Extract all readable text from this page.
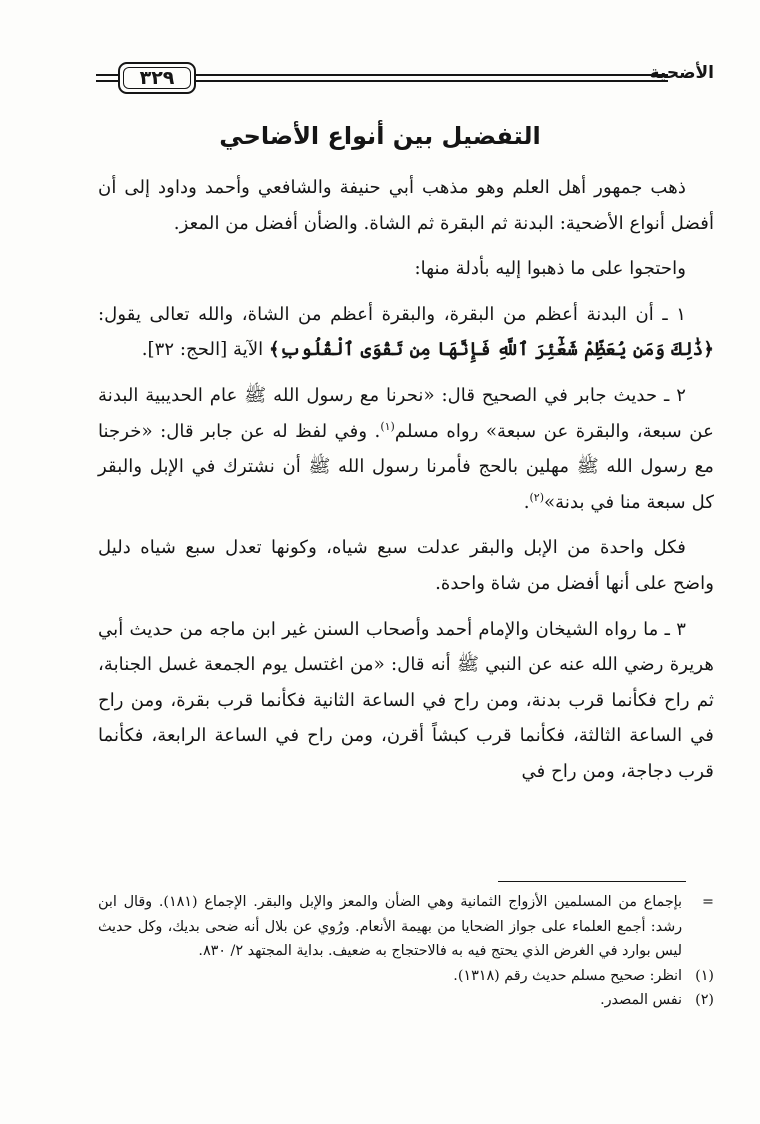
الأضحية
٣٢٩
التفضيل بين أنواع الأضاحي

ذهب جمهور أهل العلم وهو مذهب أبي حنيفة والشافعي وأحمد وداود إلى أن أفضل أنواع الأضحية: البدنة ثم البقرة ثم الشاة. والضأن أفضل من المعز.

واحتجوا على ما ذهبوا إليه بأدلة منها:

١ ـ أن البدنة أعظم من البقرة، والبقرة أعظم من الشاة، والله تعالى يقول: ﴿ذَٰلِكَ وَمَن يُعَظِّمْ شَعَٰٓئِرَ ٱللَّهِ فَإِنَّهَا مِن تَقْوَى ٱلْقُلُوبِ﴾ الآية [الحج: ٣٢].

٢ ـ حديث جابر في الصحيح قال: «نحرنا مع رسول الله ﷺ عام الحديبية البدنة عن سبعة، والبقرة عن سبعة» رواه مسلم$^{(١)}$. وفي لفظ له عن جابر قال: «خرجنا مع رسول الله ﷺ مهلين بالحج فأمرنا رسول الله ﷺ أن نشترك في الإبل والبقر كل سبعة منا في بدنة»$^{(٢)}$.

فكل واحدة من الإبل والبقر عدلت سبع شياه، وكونها تعدل سبع شياه دليل واضح على أنها أفضل من شاة واحدة.

٣ ـ ما رواه الشيخان والإمام أحمد وأصحاب السنن غير ابن ماجه من حديث أبي هريرة رضي الله عنه عن النبي ﷺ أنه قال: «من اغتسل يوم الجمعة غسل الجنابة، ثم راح فكأنما قرب بدنة، ومن راح في الساعة الثانية فكأنما قرب بقرة، ومن راح في الساعة الثالثة، فكأنما قرب كبشاً أقرن، ومن راح في الساعة الرابعة، فكأنما قرب دجاجة، ومن راح في

=
بإجماع من المسلمين الأزواج الثمانية وهي الضأن والمعز والإبل والبقر. الإجماع (١٨١). وقال ابن رشد: أجمع العلماء على جواز الضحايا من بهيمة الأنعام. ورُوي عن بلال أنه ضحى بديك، وكل حديث ليس بوارد في الغرض الذي يحتج فيه به فالاحتجاج به ضعيف. بداية المجتهد ٢/ ٨٣٠.
(١)
انظر: صحيح مسلم حديث رقم (١٣١٨).
(٢)
نفس المصدر.
